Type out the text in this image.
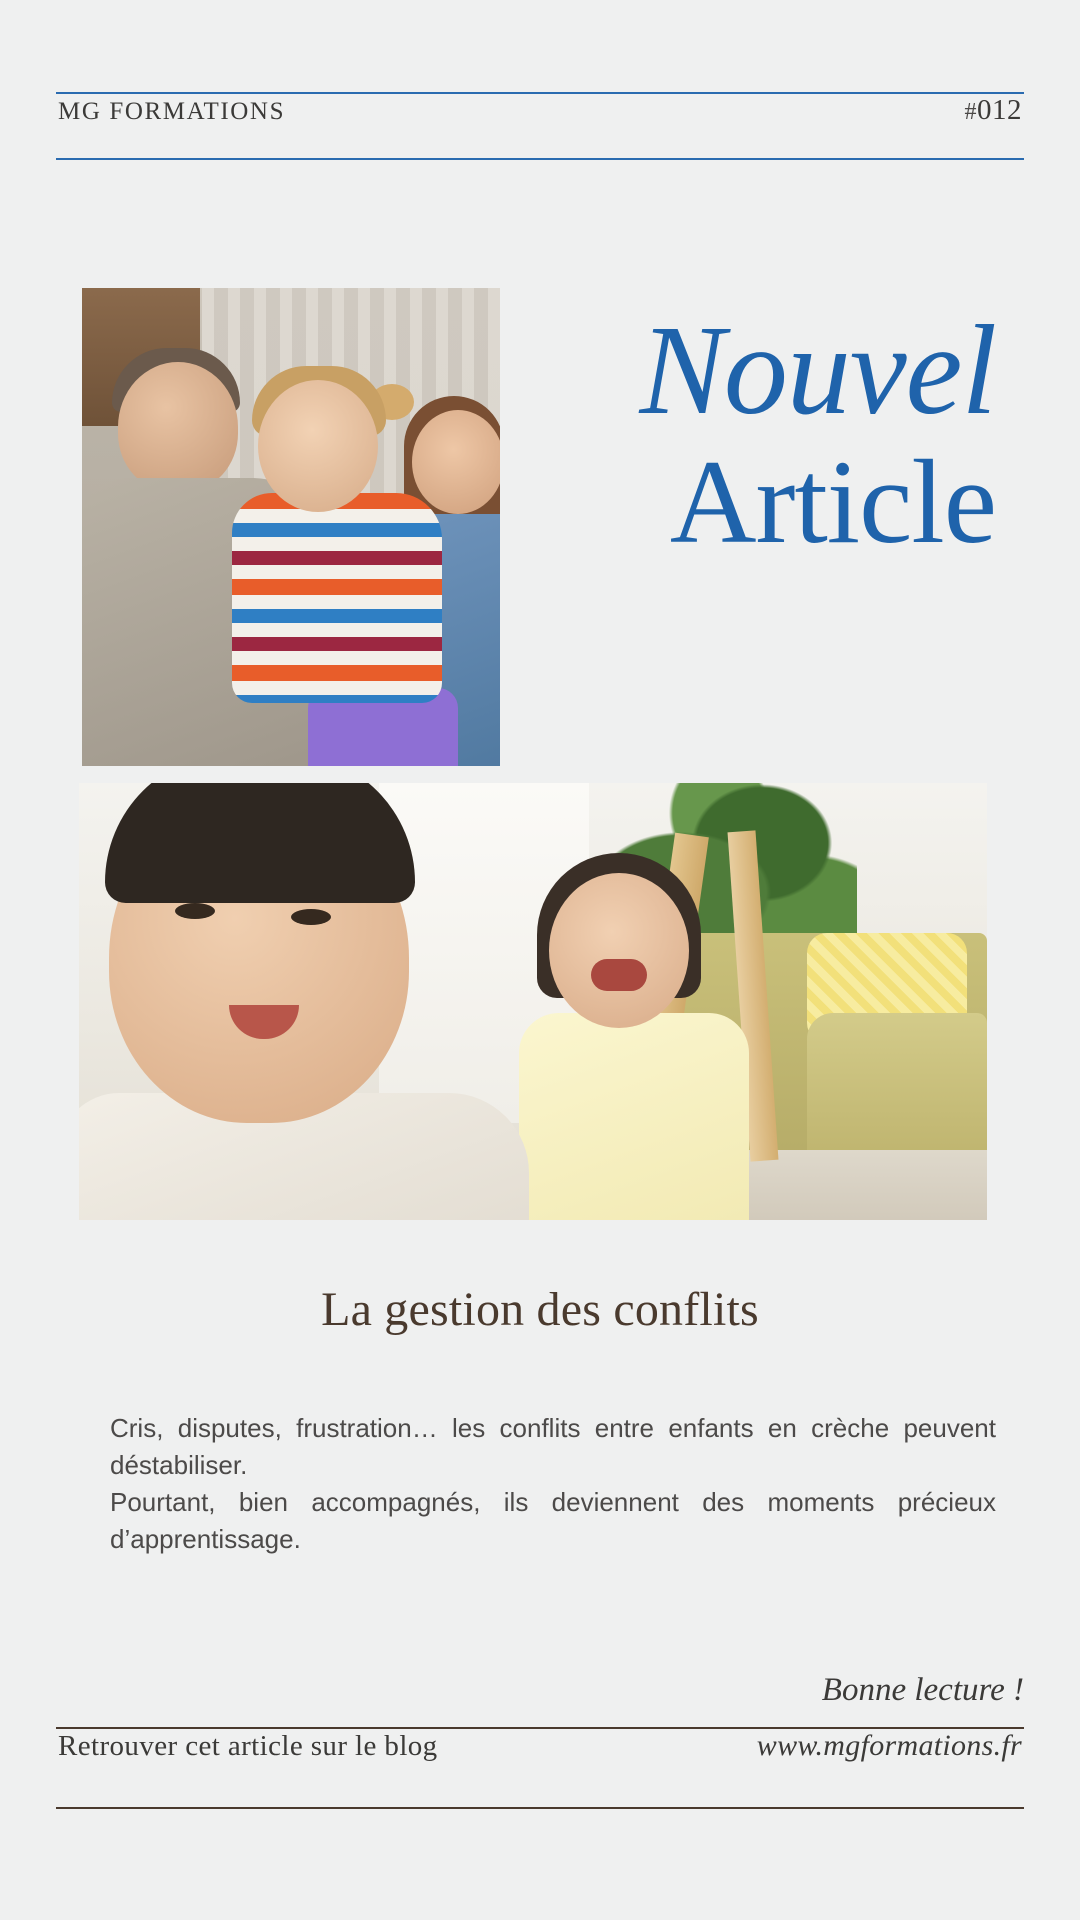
MG FORMATIONS	#012
Nouvel
Article
La gestion des conflits

Cris, disputes, frustration… les conflits entre enfants en crèche peuvent déstabiliser.

Pourtant, bien accompagnés, ils deviennent des moments précieux d’apprentissage.

Bonne lecture !
Retrouver cet article sur le blog	www.mgformations.fr
